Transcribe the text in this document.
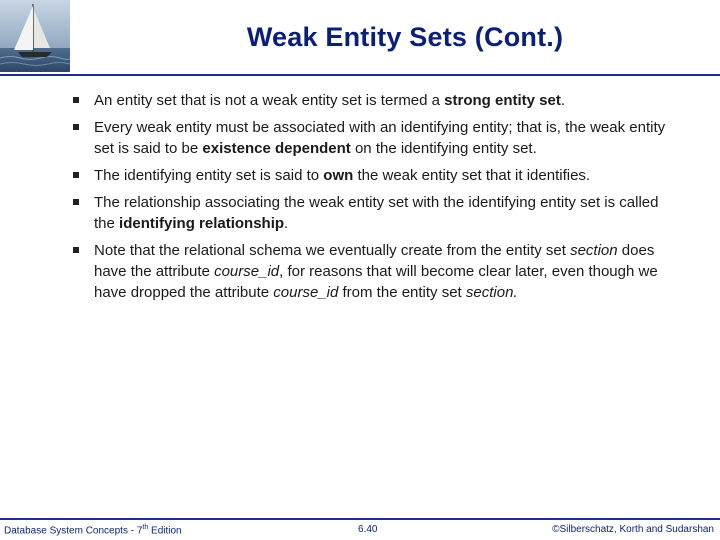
Weak Entity Sets (Cont.)
An entity set that is not a weak entity set is termed a strong entity set.
Every weak entity must be associated with an identifying entity; that is, the weak entity set is said to be existence dependent on the identifying entity set.
The identifying entity set is said to own the weak entity set that it identifies.
The relationship associating the weak entity set with the identifying entity set is called the identifying relationship.
Note that the relational schema we eventually create from the entity set section does have the attribute course_id, for reasons that will become clear later, even though we have dropped the attribute course_id from the entity set section.
Database System Concepts - 7th Edition	6.40	©Silberschatz, Korth and Sudarshan
